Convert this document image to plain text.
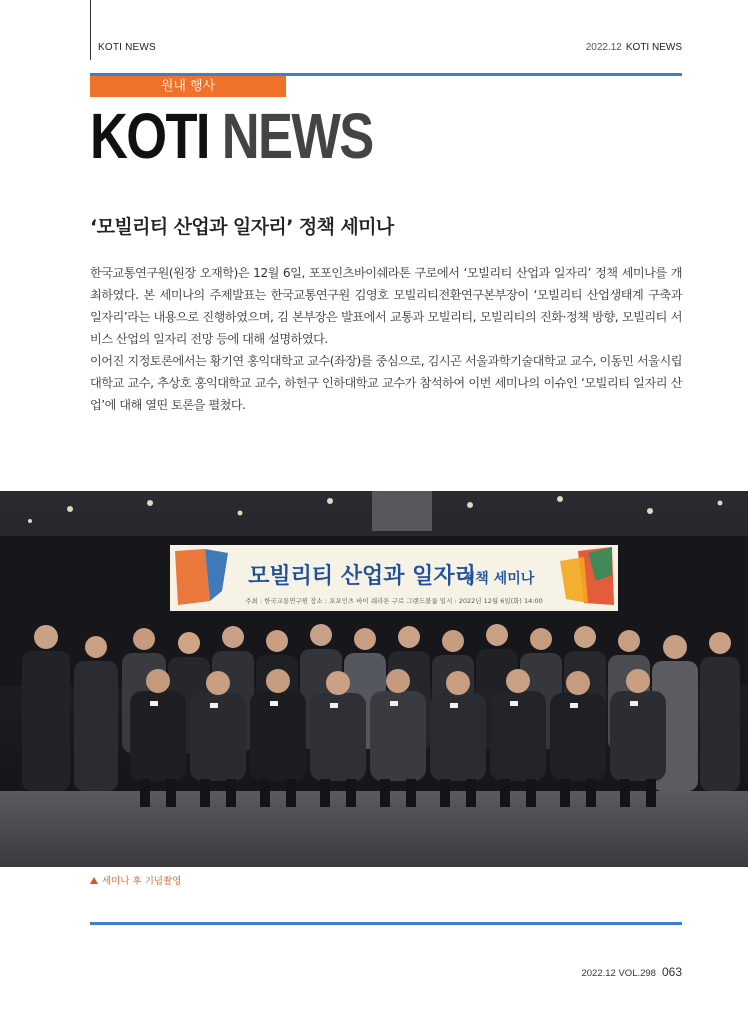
KOTI NEWS	2022.12 KOTI NEWS
원내 행사
KOTI NEWS
‘모빌리티 산업과 일자리’ 정책 세미나

한국교통연구원(원장 오재학)은 12월 6일, 포포인츠바이쉐라톤 구로에서 ‘모빌리티 산업과 일자리’ 정책 세미나를 개최하였다. 본 세미나의 주제발표는 한국교통연구원 김영호 모빌리티전환연구본부장이 ‘모빌리티 산업생태계 구축과 일자리’라는 내용으로 진행하였으며, 김 본부장은 발표에서 교통과 모빌리티, 모빌리티의 진화·정책 방향, 모빌리티 서비스 산업의 일자리 전망 등에 대해 설명하였다.

이어진 지정토론에서는 황기연 홍익대학교 교수(좌장)를 중심으로, 김시곤 서울과학기술대학교 교수, 이동민 서울시립대학교 교수, 추상호 홍익대학교 교수, 하헌구 인하대학교 교수가 참석하여 이번 세미나의 이슈인 ‘모빌리티 일자리 산업’에 대해 열띤 토론을 펼쳤다.

모빌리티 산업과 일자리
정책 세미나
주최 : 한국교통연구원 장소 : 포포인츠 바이 쉐라톤 구로 그랜드볼룸 일시 : 2022년 12월 6일(화) 14:00
세미나 후 기념촬영
2022.12 VOL.298 063
